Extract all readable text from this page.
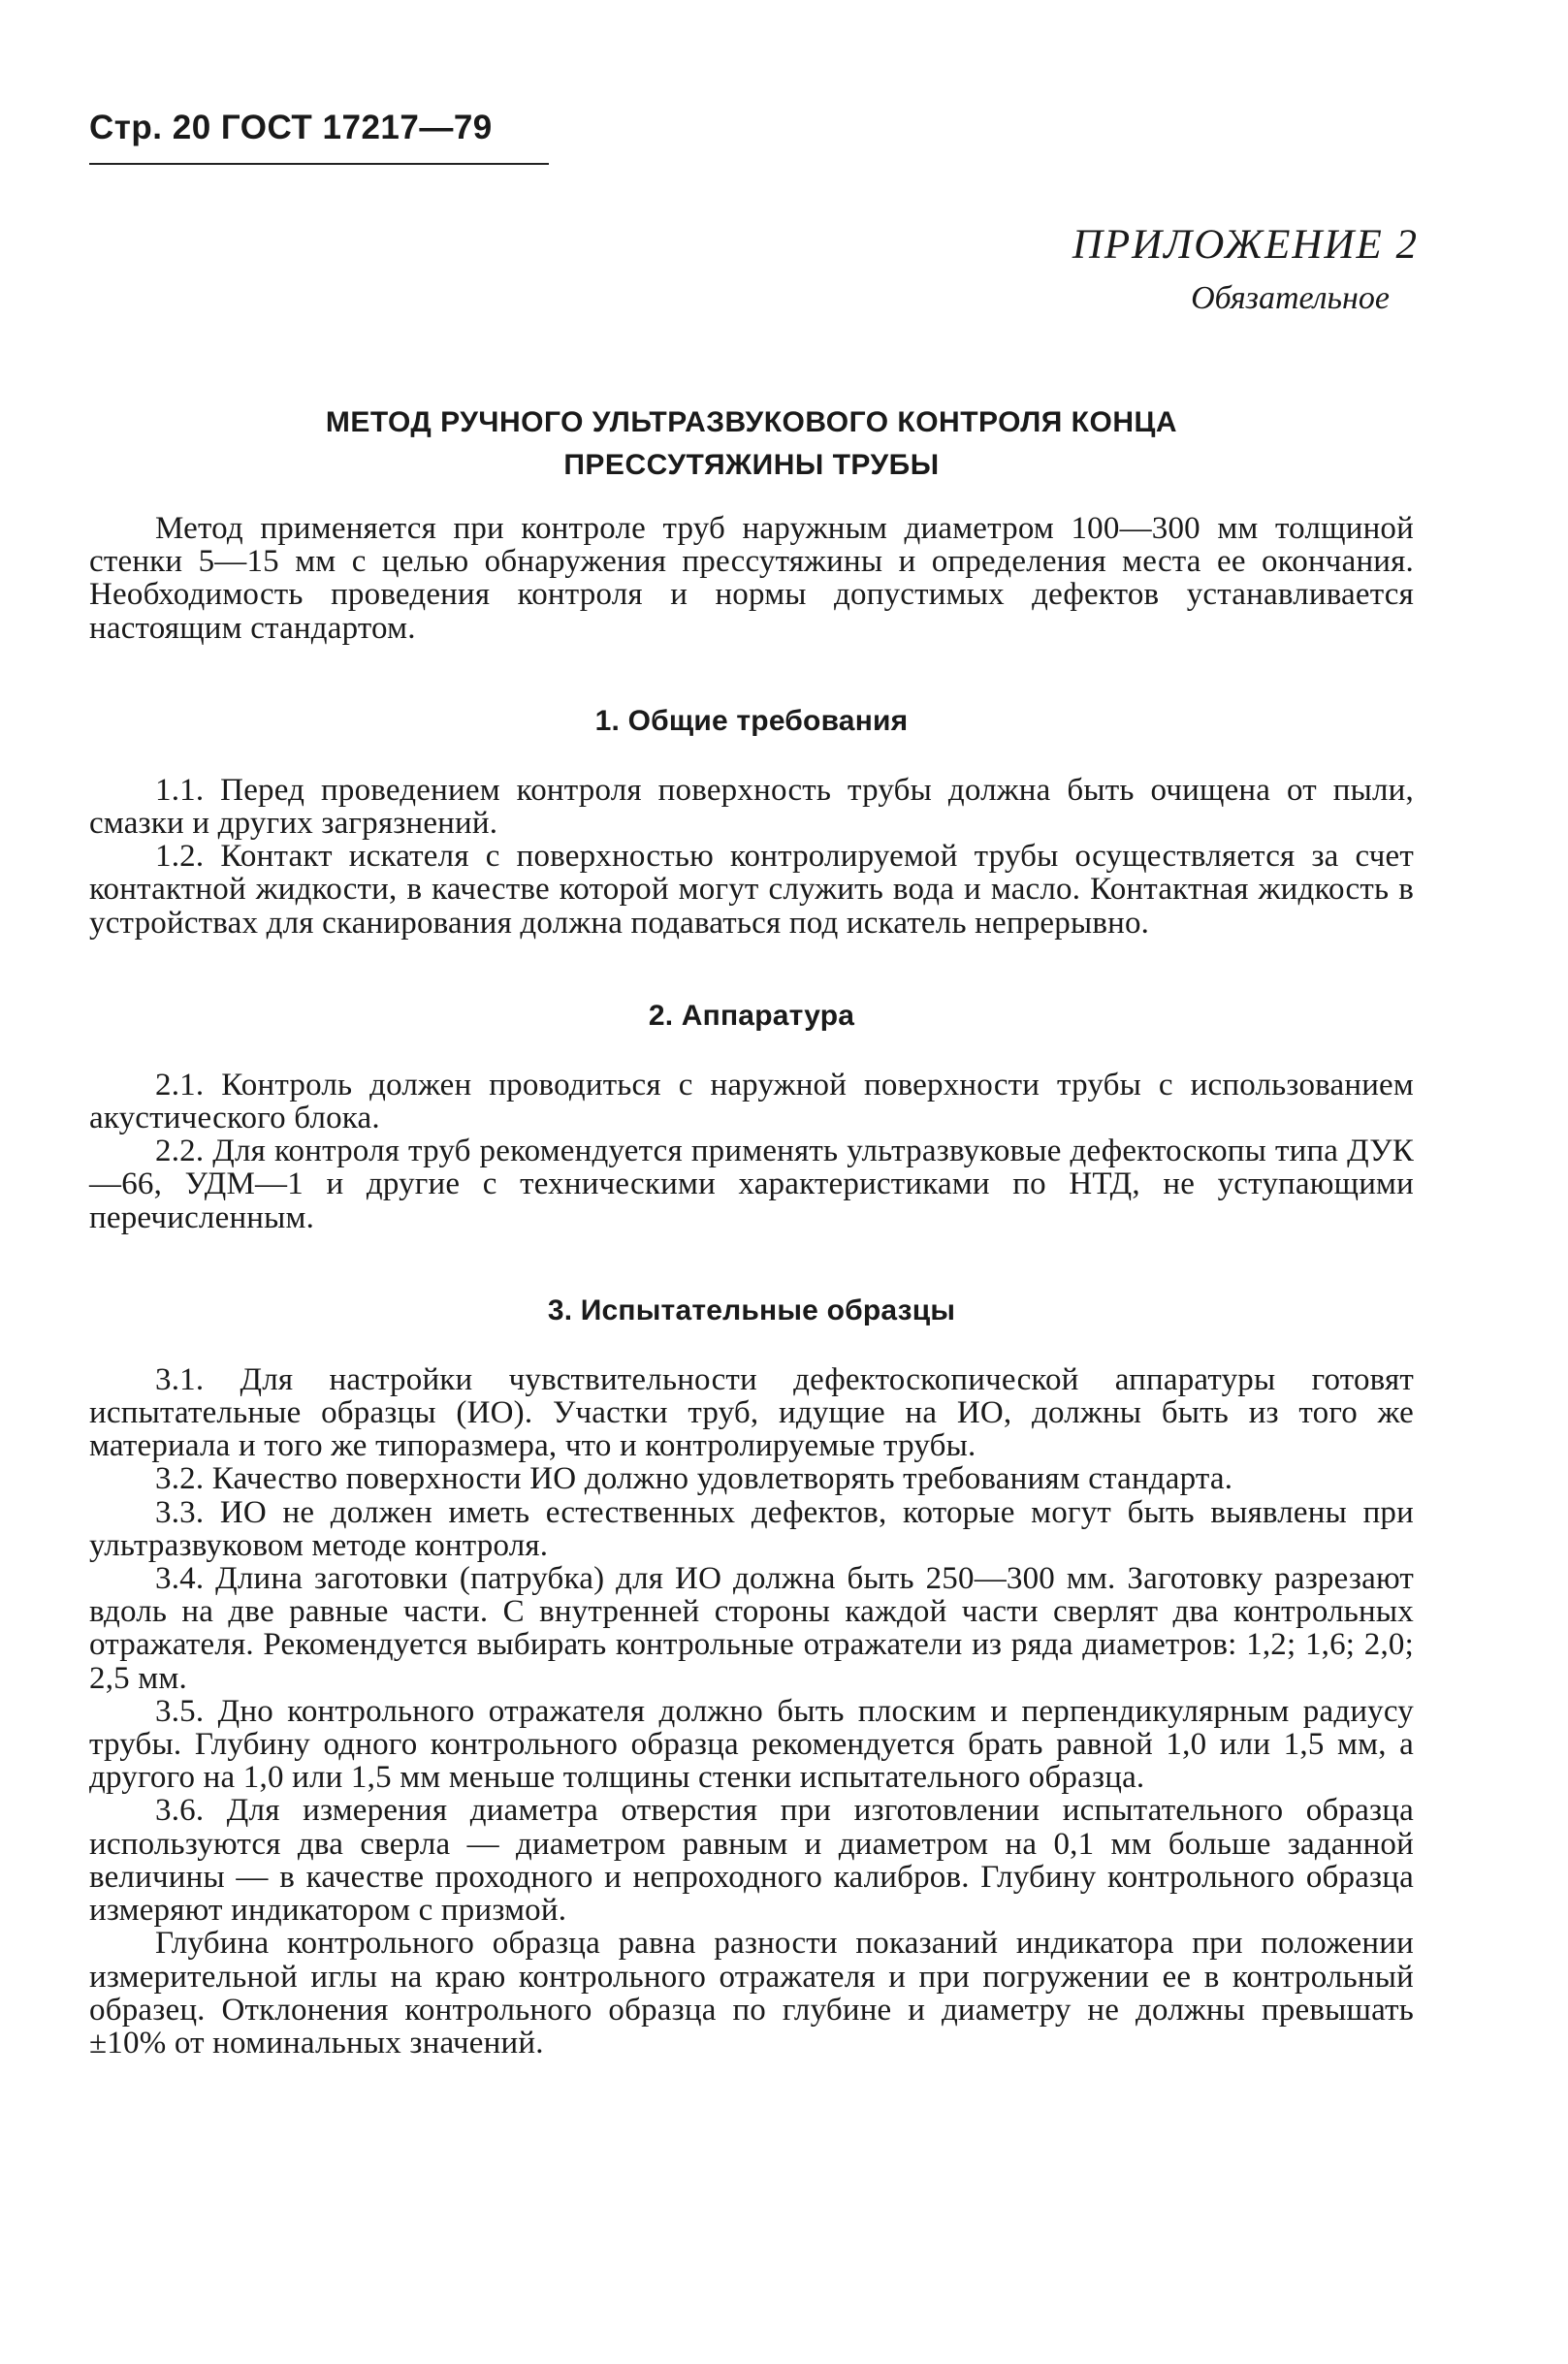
Стр. 20 ГОСТ 17217—79
ПРИЛОЖЕНИЕ 2
Обязательное
МЕТОД РУЧНОГО УЛЬТРАЗВУКОВОГО КОНТРОЛЯ КОНЦА
ПРЕССУТЯЖИНЫ ТРУБЫ

Метод применяется при контроле труб наружным диаметром 100—300 мм толщиной стенки 5—15 мм с целью обнаружения прессутяжины и определения места ее окончания. Необходимость проведения контроля и нормы допустимых дефектов устанавливается настоящим стандартом.

1. Общие требования

1.1. Перед проведением контроля поверхность трубы должна быть очищена от пыли, смазки и других загрязнений.

1.2. Контакт искателя с поверхностью контролируемой трубы осуществляется за счет контактной жидкости, в качестве которой могут служить вода и масло. Контактная жидкость в устройствах для сканирования должна подаваться под искатель непрерывно.

2. Аппаратура

2.1. Контроль должен проводиться с наружной поверхности трубы с использованием акустического блока.

2.2. Для контроля труб рекомендуется применять ультразвуковые дефектоскопы типа ДУК—66, УДМ—1 и другие с техническими характеристиками по НТД, не уступающими перечисленным.

3. Испытательные образцы

3.1. Для настройки чувствительности дефектоскопической аппаратуры готовят испытательные образцы (ИО). Участки труб, идущие на ИО, должны быть из того же материала и того же типоразмера, что и контролируемые трубы.

3.2. Качество поверхности ИО должно удовлетворять требованиям стандарта.

3.3. ИО не должен иметь естественных дефектов, которые могут быть выявлены при ультразвуковом методе контроля.

3.4. Длина заготовки (патрубка) для ИО должна быть 250—300 мм. Заготовку разрезают вдоль на две равные части. С внутренней стороны каждой части сверлят два контрольных отражателя. Рекомендуется выбирать контрольные отражатели из ряда диаметров: 1,2; 1,6; 2,0; 2,5 мм.

3.5. Дно контрольного отражателя должно быть плоским и перпендикулярным радиусу трубы. Глубину одного контрольного образца рекомендуется брать равной 1,0 или 1,5 мм, а другого на 1,0 или 1,5 мм меньше толщины стенки испытательного образца.

3.6. Для измерения диаметра отверстия при изготовлении испытательного образца используются два сверла — диаметром равным и диаметром на 0,1 мм больше заданной величины — в качестве проходного и непроходного калибров. Глубину контрольного образца измеряют индикатором с призмой.

Глубина контрольного образца равна разности показаний индикатора при положении измерительной иглы на краю контрольного отражателя и при погружении ее в контрольный образец. Отклонения контрольного образца по глубине и диаметру не должны превышать ±10% от номинальных значений.
